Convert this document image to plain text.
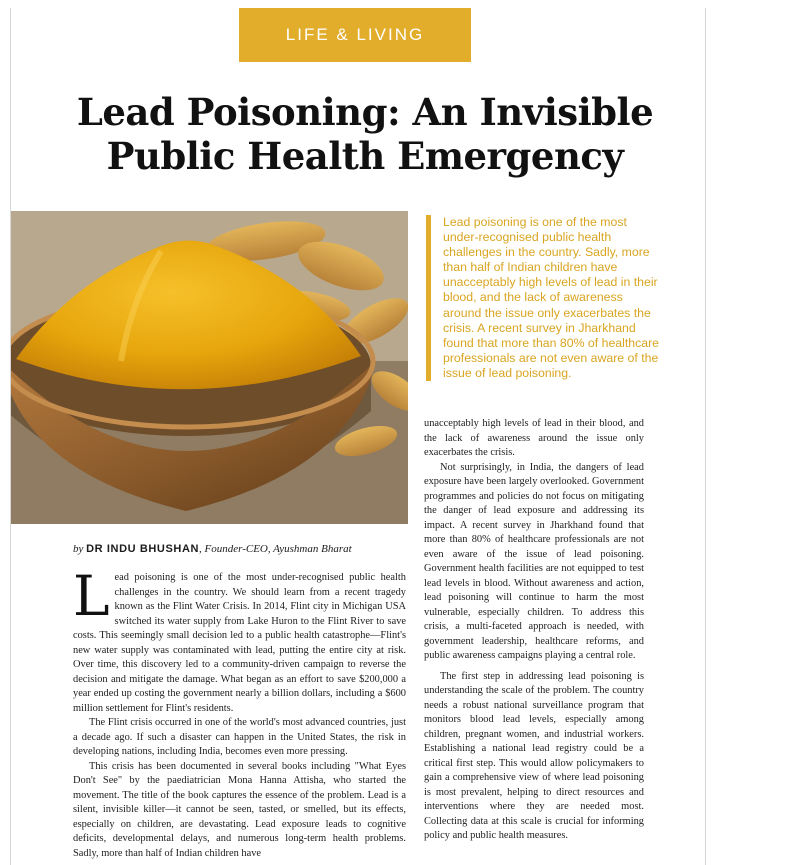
LIFE & LIVING
Lead Poisoning: An Invisible
Public Health Emergency
Lead poisoning is one of the most under-recognised public health challenges in the country. Sadly, more than half of Indian children have unacceptably high levels of lead in their blood, and the lack of awareness around the issue only exacerbates the crisis. A recent survey in Jharkhand found that more than 80% of healthcare professionals are not even aware of the issue of lead poisoning.
by DR INDU BHUSHAN, Founder-CEO, Ayushman Bharat

Lead poisoning is one of the most under-recognised public health challenges in the country. We should learn from a recent tragedy known as the Flint Water Crisis. In 2014, Flint city in Michigan USA switched its water supply from Lake Huron to the Flint River to save costs. This seemingly small decision led to a public health catastrophe—Flint's new water supply was contaminated with lead, putting the entire city at risk. Over time, this discovery led to a community-driven campaign to reverse the decision and mitigate the damage. What began as an effort to save $200,000 a year ended up costing the government nearly a billion dollars, including a $600 million settlement for Flint's residents.

The Flint crisis occurred in one of the world's most advanced countries, just a decade ago. If such a disaster can happen in the United States, the risk in developing nations, including India, becomes even more pressing.

This crisis has been documented in several books including "What Eyes Don't See" by the paediatrician Mona Hanna Attisha, who started the movement. The title of the book captures the essence of the problem. Lead is a silent, invisible killer—it cannot be seen, tasted, or smelled, but its effects, especially on children, are devastating. Lead exposure leads to cognitive deficits, developmental delays, and numerous long-term health problems. Sadly, more than half of Indian children have

unacceptably high levels of lead in their blood, and the lack of awareness around the issue only exacerbates the crisis.

Not surprisingly, in India, the dangers of lead exposure have been largely overlooked. Government programmes and policies do not focus on mitigating the danger of lead exposure and addressing its impact. A recent survey in Jharkhand found that more than 80% of healthcare professionals are not even aware of the issue of lead poisoning. Government health facilities are not equipped to test lead levels in blood. Without awareness and action, lead poisoning will continue to harm the most vulnerable, especially children. To address this crisis, a multi-faceted approach is needed, with government leadership, healthcare reforms, and public awareness campaigns playing a central role.

The first step in addressing lead poisoning is understanding the scale of the problem. The country needs a robust national surveillance program that monitors blood lead levels, especially among children, pregnant women, and industrial workers. Establishing a national lead registry could be a critical first step. This would allow policymakers to gain a comprehensive view of where lead poisoning is most prevalent, helping to direct resources and interventions where they are needed most. Collecting data at this scale is crucial for informing policy and public health measures.
